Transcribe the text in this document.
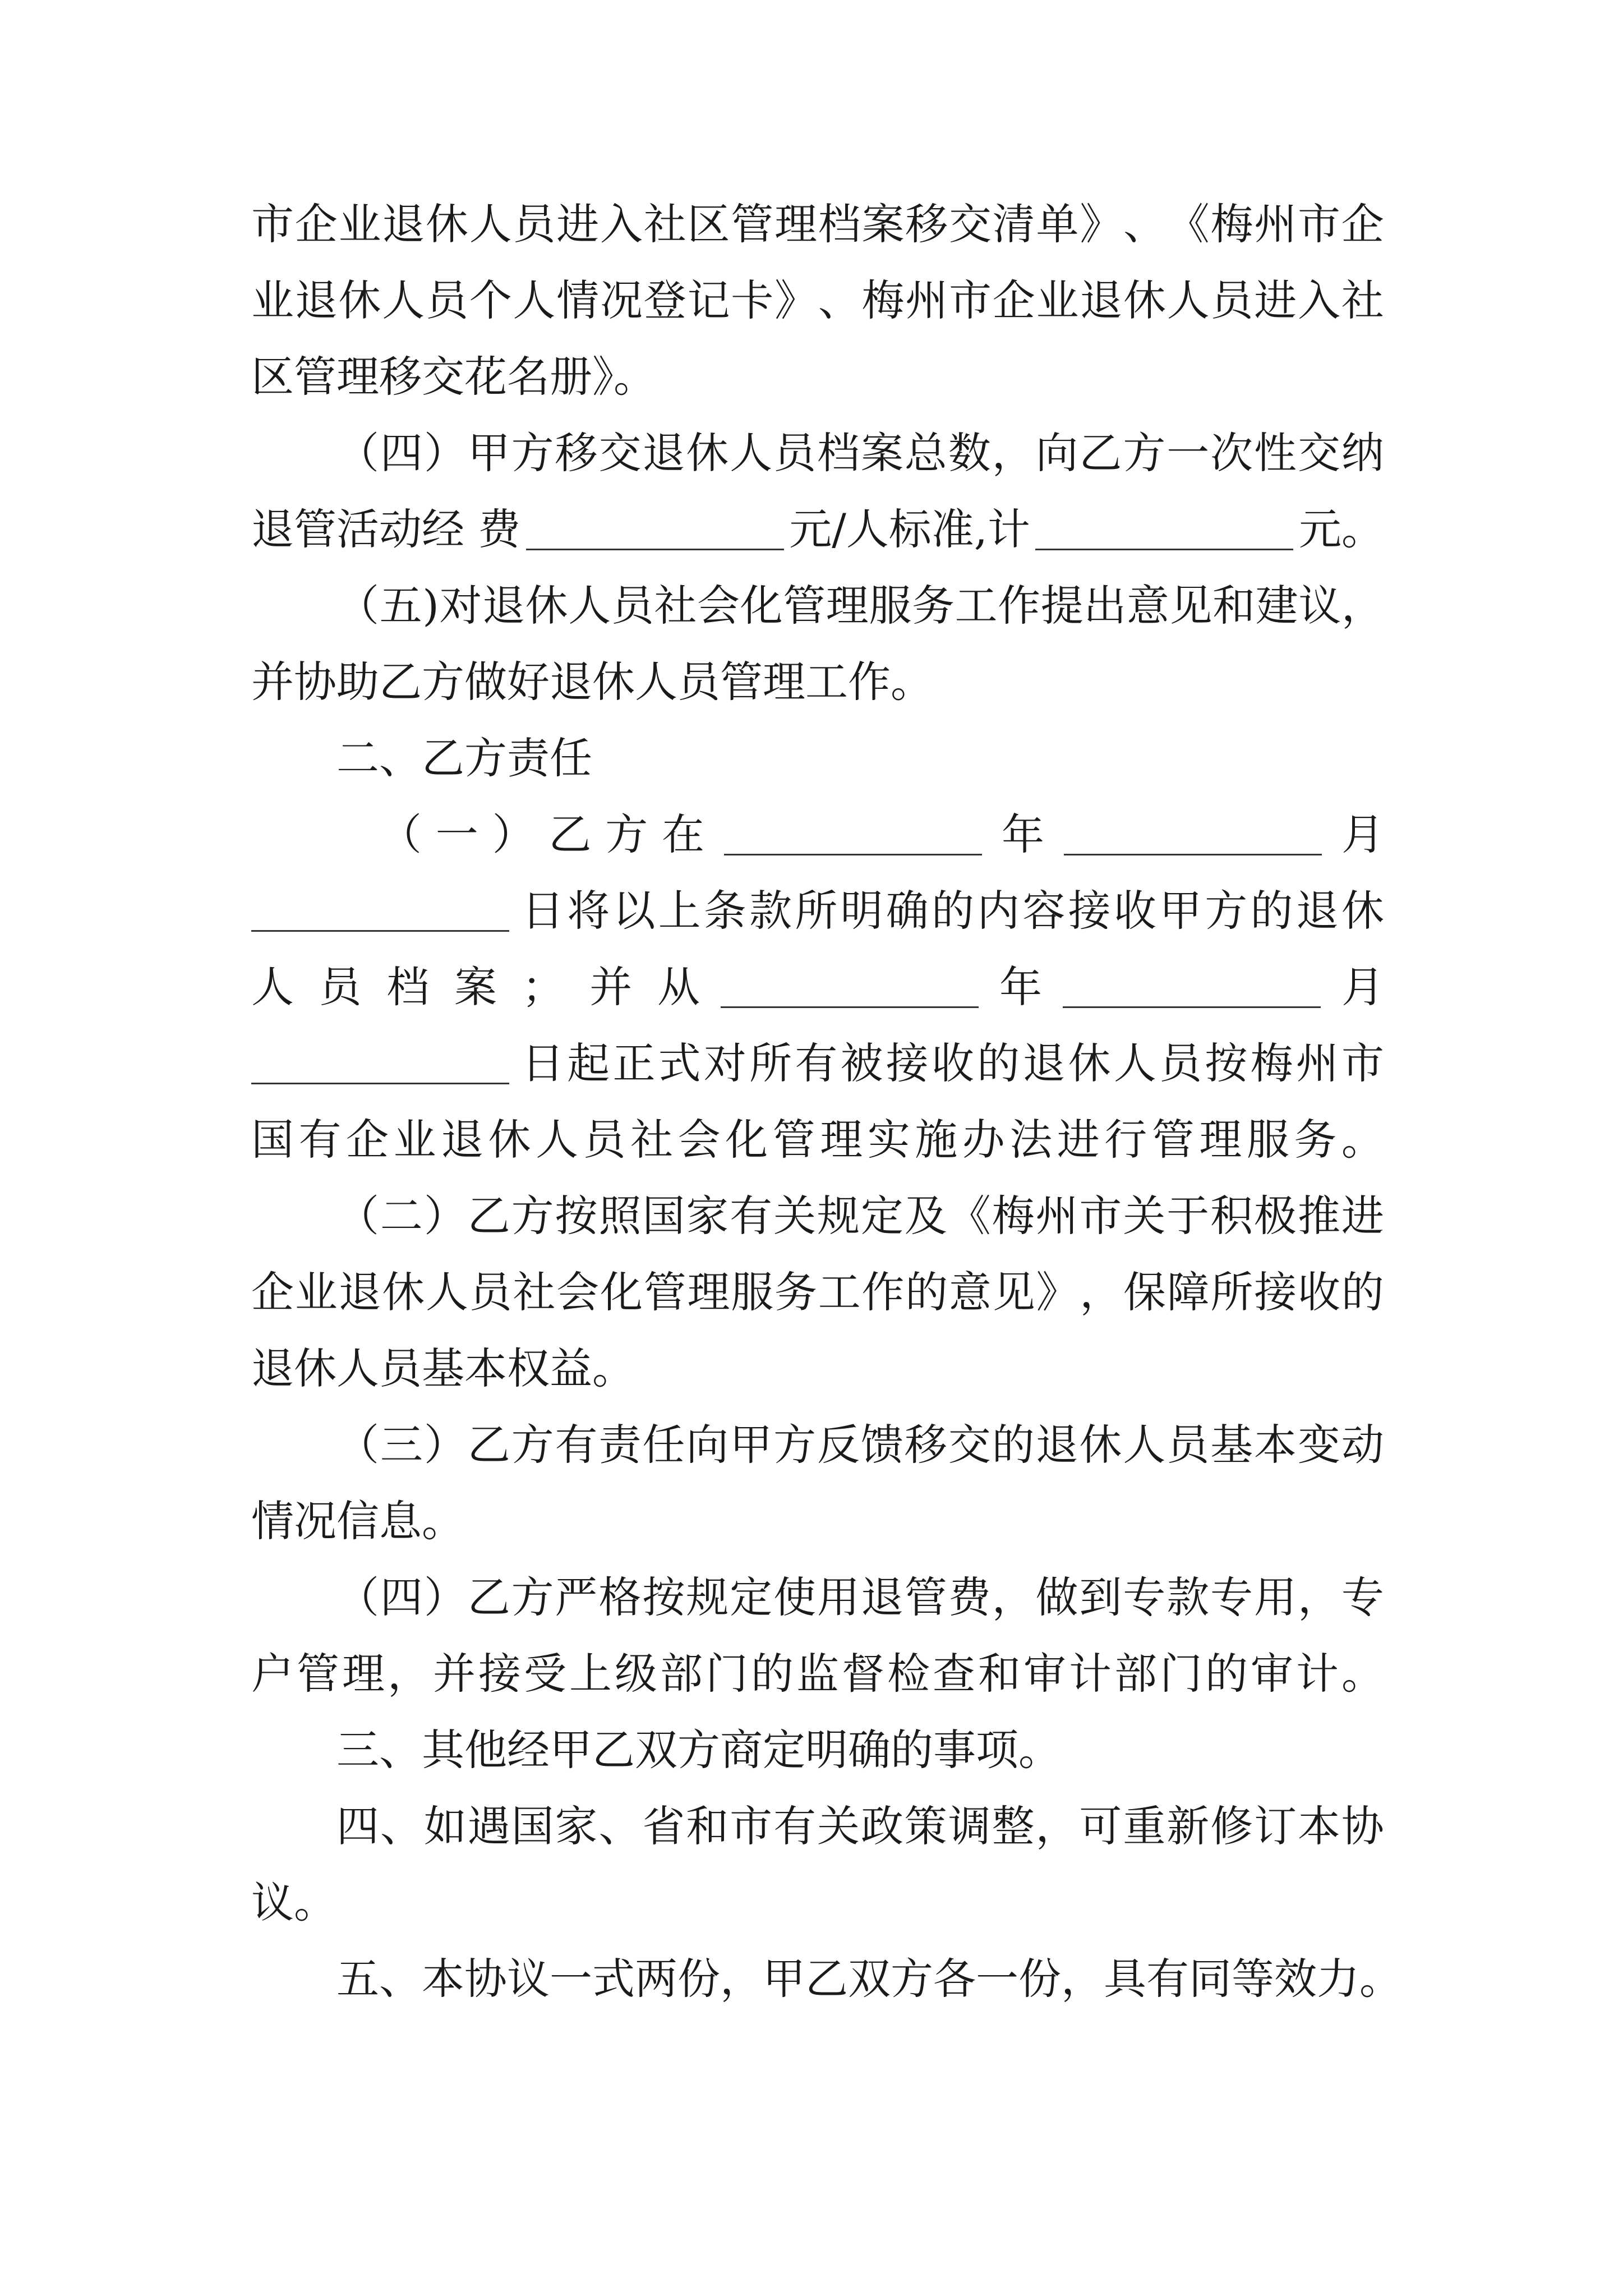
市 企 业 退 休 人 员 进 入 社 区 管 理 档 案 移 交 清 单 》 、 《 梅 州 市 企
业 退 休 人 员 个 人 情 况 登 记 卡 》 、 梅 州 市 企 业 退 休 人 员 进 入 社
区管理移交花名册》。
（ 四 ） 甲 方 移 交 退 休 人 员 档 案 总 数 ， 向 乙 方 一 次 性 交 纳
退管活动经 费	元/人标准,计	元。
（ 五 ) 对 退 休 人 员 社 会 化 管 理 服 务 工 作 提 出 意 见 和 建 议 ，
并协助乙方做好退休人员管理工作。
二、乙方责任
（ 一 ） 乙 方 在	年	月
日 将 以 上 条 款 所 明 确 的 内 容 接 收 甲 方 的 退 休
人 员 档 案 ； 并 从	年	月
日 起 正 式 对 所 有 被 接 收 的 退 休 人 员 按 梅 州 市
国 有 企 业 退 休 人 员 社 会 化 管 理 实 施 办 法 进 行 管 理 服 务 。
（ 二 ） 乙 方 按 照 国 家 有 关 规 定 及 《 梅 州 市 关 于 积 极 推 进
企 业 退 休 人 员 社 会 化 管 理 服 务 工 作 的 意 见 》 ， 保 障 所 接 收 的
退休人员基本权益。
（ 三 ） 乙 方 有 责 任 向 甲 方 反 馈 移 交 的 退 休 人 员 基 本 变 动
情况信息。
（ 四 ） 乙 方 严 格 按 规 定 使 用 退 管 费 ， 做 到 专 款 专 用 ， 专
户 管 理 ， 并 接 受 上 级 部 门 的 监 督 检 查 和 审 计 部 门 的 审 计 。
三、其他经甲乙双方商定明确的事项。
四 、 如 遇 国 家 、 省 和 市 有 关 政 策 调 整 ， 可 重 新 修 订 本 协
议。
五 、 本 协 议 一 式 两 份 ， 甲 乙 双 方 各 一 份 ， 具 有 同 等 效 力 。
